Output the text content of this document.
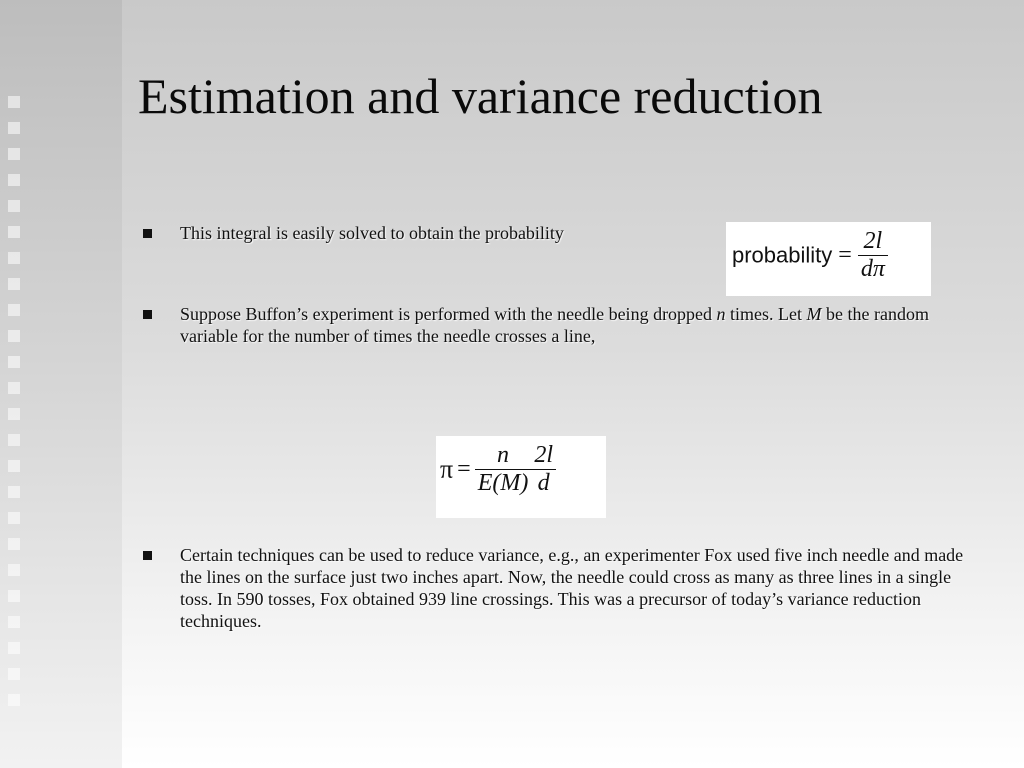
Estimation and variance reduction
This integral is easily solved to obtain the probability
probability = $\frac{2l}{d\pi}$
Suppose Buffon’s experiment is performed with the needle being dropped n times. Let M be the random variable for the number of times the needle crosses a line,
$\pi = \frac{n}{E(M)} \frac{2l}{d}$
Certain techniques can be used to reduce variance, e.g., an experimenter Fox used five inch needle and made the lines on the surface just two inches apart. Now, the needle could cross as many as three lines in a single toss. In 590 tosses, Fox obtained 939 line crossings. This was a precursor of today’s variance reduction techniques.
